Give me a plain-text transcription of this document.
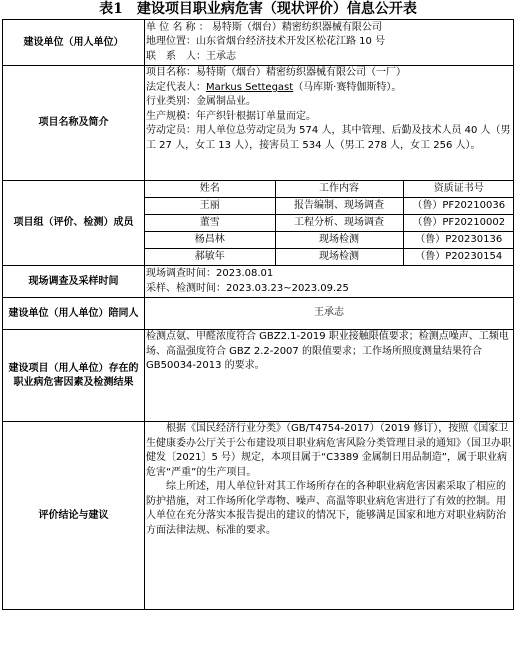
表1　建设项目职业病危害（现状评价）信息公开表
建设单位（用人单位）	
单 位 名 称 ： 易特斯（烟台）精密纺织器械有限公司
地理位置：山东省烟台经济技术开发区松花江路 10 号
联　系　人：王承志

项目名称及简介	
项目名称：易特斯（烟台）精密纺织器械有限公司（一厂）
法定代表人：Markus Settegast（马库斯·赛特伽斯特）。
行业类别：金属制品业。
生产规模：年产织针根据订单量而定。
劳动定员：用人单位总劳动定员为 574 人，其中管理、后勤及技术人员 40 人（男工 27 人，女工 13 人），接害员工 534 人（男工 278 人，女工 256 人）。

项目组（评价、检测）成员	
姓名	工作内容	资质证书号
王丽	报告编制、现场调查	（鲁）PF20210036
董雪	工程分析、现场调查	（鲁）PF20210002
杨昌林	现场检测	（鲁）P20230136
郝敏年	现场检测	（鲁）P20230154

现场调查及采样时间	
现场调查时间：2023.08.01
采样、检测时间：2023.03.23~2023.09.25

建设单位（用人单位）陪同人	王承志
建设项目（用人单位）存在的职业病危害因素及检测结果	
检测点氨、甲醛浓度符合 GBZ2.1-2019 职业接触限值要求；检测点噪声、工频电场、高温强度符合 GBZ 2.2-2007 的限值要求；工作场所照度测量结果符合 GB50034-2013 的要求。

评价结论与建议	
根据《国民经济行业分类》（GB/T4754-2017）（2019 修订），按照《国家卫生健康委办公厅关于公布建设项目职业病危害风险分类管理目录的通知》（国卫办职健发〔2021〕5 号）规定，本项目属于“C3389 金属制日用品制造”，属于职业病危害“严重”的生产项目。
综上所述，用人单位针对其工作场所存在的各种职业病危害因素采取了相应的防护措施，对工作场所化学毒物、噪声、高温等职业病危害进行了有效的控制。用人单位在充分落实本报告提出的建议的情况下，能够满足国家和地方对职业病防治方面法律法规、标准的要求。
